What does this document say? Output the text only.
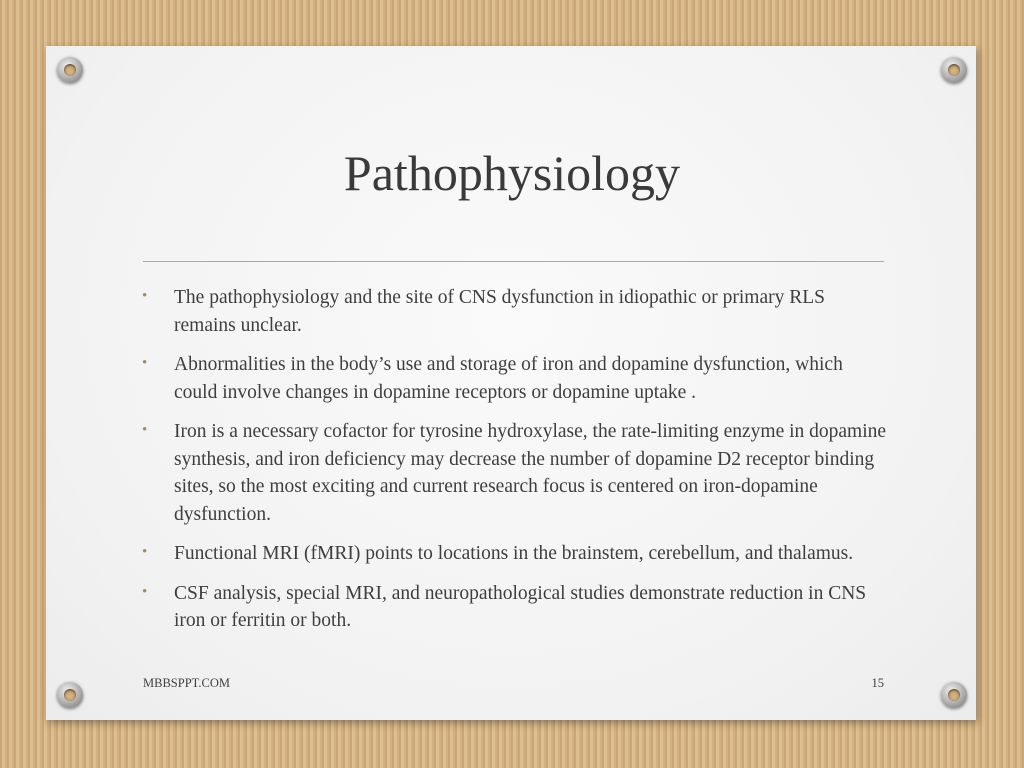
Pathophysiology
• The pathophysiology and the site of CNS dysfunction in idiopathic or primary RLS remains unclear.
• Abnormalities in the body’s use and storage of iron and dopamine dysfunction, which could involve changes in dopamine receptors or dopamine uptake .
• Iron is a necessary cofactor for tyrosine hydroxylase, the rate-limiting enzyme in dopamine synthesis, and iron deficiency may decrease the number of dopamine D2 receptor binding sites, so the most exciting and current research focus is centered on iron-dopamine dysfunction.
• Functional MRI (fMRI) points to locations in the brainstem, cerebellum, and thalamus.
• CSF analysis, special MRI, and neuropathological studies demonstrate reduction in CNS iron or ferritin or both.
MBBSPPT.COM	15
